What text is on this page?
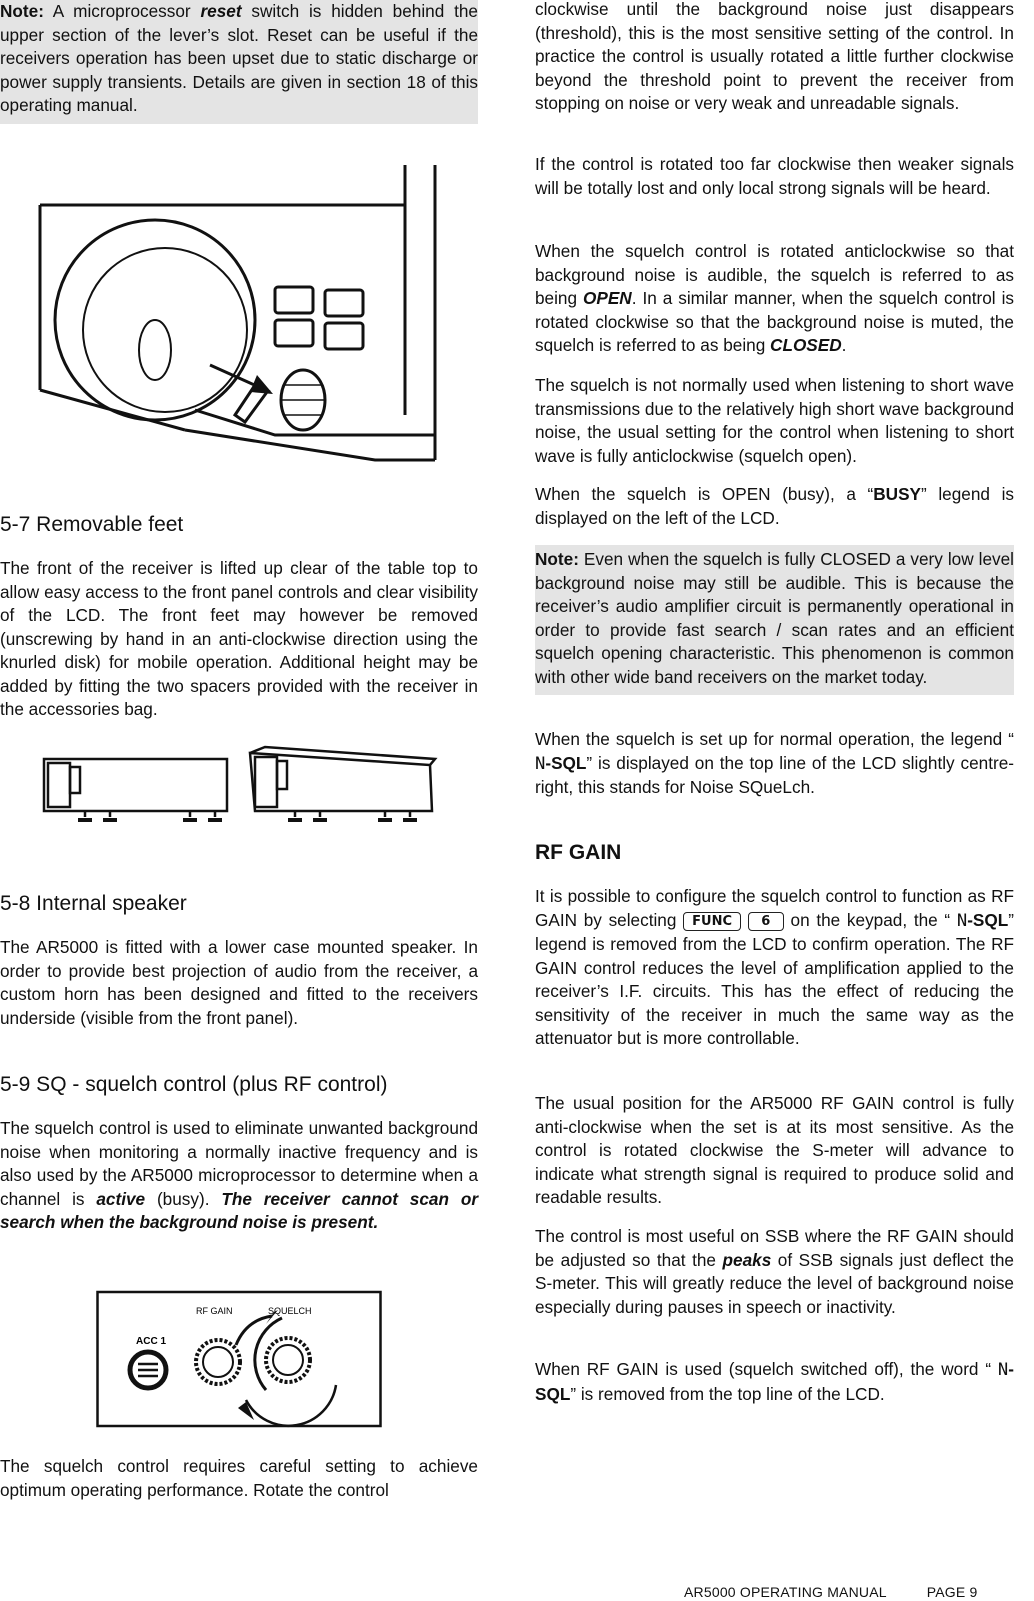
Note: A microprocessor reset switch is hidden behind the upper section of the lever’s slot. Reset can be useful if the receivers operation has been upset due to static discharge or power supply transients. Details are given in section 18 of this operating manual.

5-7 Removable feet

The front of the receiver is lifted up clear of the table top to allow easy access to the front panel controls and clear visibility of the LCD. The front feet may however be removed (unscrewing by hand in an anti-clockwise direction using the knurled disk) for mobile operation. Additional height may be added by fitting the two spacers provided with the receiver in the accessories bag.

5-8 Internal speaker

The AR5000 is fitted with a lower case mounted speaker. In order to provide best projection of audio from the receiver, a custom horn has been designed and fitted to the receivers underside (visible from the front panel).

5-9 SQ - squelch control (plus RF control)

The squelch control is used to eliminate unwanted background noise when monitoring a normally inactive frequency and is also used by the AR5000 microprocessor to determine when a channel is active (busy). The receiver cannot scan or search when the background noise is present.

ACC 1
RF GAIN	SQUELCH

The squelch control requires careful setting to achieve optimum operating performance. Rotate the control

clockwise until the background noise just disappears (threshold), this is the most sensitive setting of the control. In practice the control is usually rotated a little further clockwise beyond the threshold point to prevent the receiver from stopping on noise or very weak and unreadable signals.

If the control is rotated too far clockwise then weaker signals will be totally lost and only local strong signals will be heard.

When the squelch control is rotated anticlockwise so that background noise is audible, the squelch is referred to as being OPEN. In a similar manner, when the squelch control is rotated clockwise so that the background noise is muted, the squelch is referred to as being CLOSED.

The squelch is not normally used when listening to short wave transmissions due to the relatively high short wave background noise, the usual setting for the control when listening to short wave is fully anticlockwise (squelch open).

When the squelch is OPEN (busy), a “BUSY” legend is displayed on the left of the LCD.

Note: Even when the squelch is fully CLOSED a very low level background noise may still be audible. This is because the receiver’s audio amplifier circuit is permanently operational in order to provide fast search / scan rates and an efficient squelch opening characteristic. This phenomenon is common with other wide band receivers on the market today.

When the squelch is set up for normal operation, the legend “ N-SQL” is displayed on the top line of the LCD slightly centre-right, this stands for Noise SQueLch.

RF GAIN

It is possible to configure the squelch control to function as RF GAIN by selecting FUNC 6 on the keypad, the “ N-SQL” legend is removed from the LCD to confirm operation. The RF GAIN control reduces the level of amplification applied to the receiver’s I.F. circuits. This has the effect of reducing the sensitivity of the receiver in much the same way as the attenuator but is more controllable.

The usual position for the AR5000 RF GAIN control is fully anti-clockwise when the set is at its most sensitive. As the control is rotated clockwise the S-meter will advance to indicate what strength signal is required to produce solid and readable results.

The control is most useful on SSB where the RF GAIN should be adjusted so that the peaks of SSB signals just deflect the S-meter. This will greatly reduce the level of background noise especially during pauses in speech or inactivity.

When RF GAIN is used (squelch switched off), the word “ N-SQL” is removed from the top line of the LCD.

AR5000 OPERATING MANUAL	PAGE 9
